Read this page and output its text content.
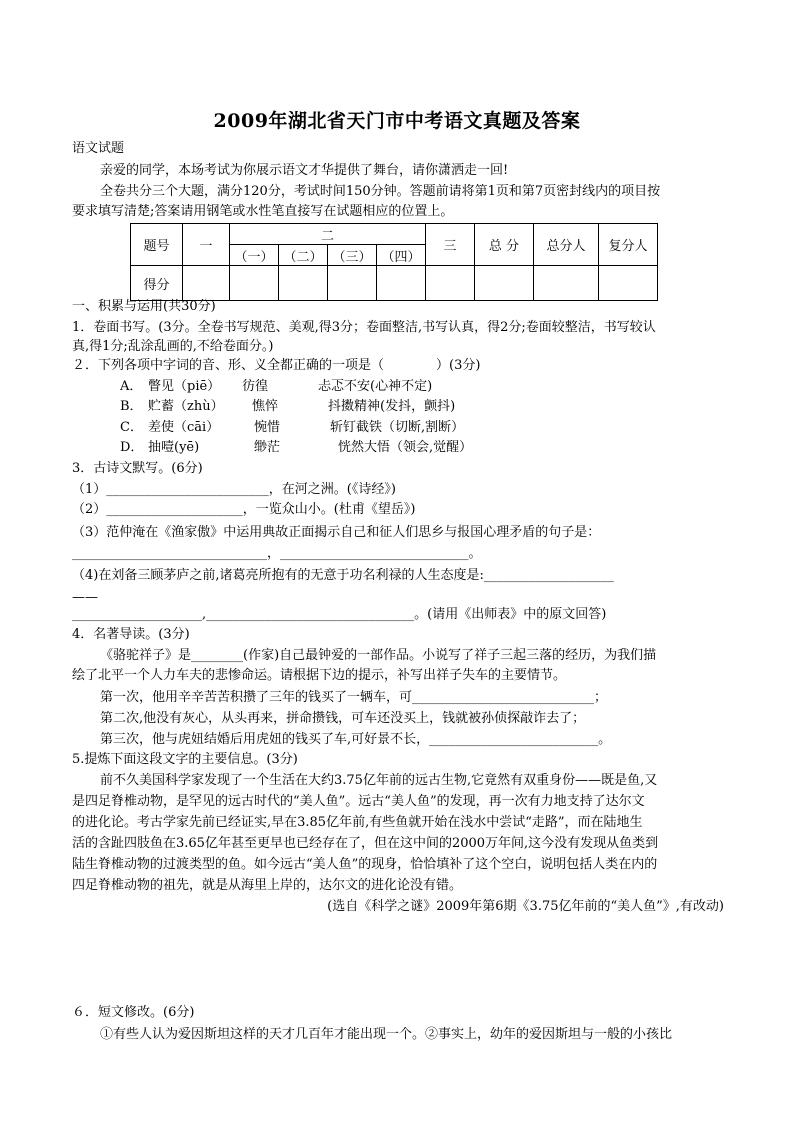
2009年湖北省天门市中考语文真题及答案
语文试题
亲爱的同学，本场考试为你展示语文才华提供了舞台，请你潇洒走一回!
全卷共分三个大题，满分120分，考试时间150分钟。答题前请将第1页和第7页密封线内的项目按
要求填写清楚;答案请用钢笔或水性笔直接写在试题相应的位置上。
题号	一	二				三	总 分	总分人	复分人
		（一）	（二）	（三）	（四）				
得分									
一、积累与运用(共30分)
1．卷面书写。(3分。全卷书写规范、美观,得3分；卷面整洁,书写认真，得2分;卷面较整洁，书写较认
真,得1分;乱涂乱画的,不给卷面分。)
２．下列各项中字词的音、形、义全都正确的一项是（　　　　）(3分)
A． 瞥见（piē） 彷徨	忐忑不安(心神不定)
B． 贮蓄（zhù） 憔悴	抖擞精神(发抖，颤抖)
C． 差使（cāi）	惋惜	斩钉截铁（切断,割断）
D． 抽噎(yē)	缈茫	恍然大悟（领会,觉醒）
3．古诗文默写。(6分)
（1）_________________________，在河之洲。(《诗经》)
（2）_____________________，一览众山小。(杜甫《望岳》)
（3）范仲淹在《渔家傲》中运用典故正面揭示自己和征人们思乡与报国心理矛盾的句子是：
______________________________，_____________________________。
（4)在刘备三顾茅庐之前,诸葛亮所抱有的无意于功名利禄的人生态度是:____________________
——
____________________,________________________________。(请用《出师表》中的原文回答)
4．名著导读。(3分)
《骆驼祥子》是________(作家)自己最钟爱的一部作品。小说写了祥子三起三落的经历，为我们描
绘了北平一个人力车夫的悲惨命运。请根据下边的提示，补写出祥子失车的主要情节。
第一次，他用辛辛苦苦积攒了三年的钱买了一辆车，可____________________________；
第二次,他没有灰心，从头再来，拼命攒钱，可车还没买上，钱就被孙侦探敲诈去了；
第三次，他与虎妞结婚后用虎妞的钱买了车,可好景不长，__________________________。
5.提炼下面这段文字的主要信息。(3分)
前不久美国科学家发现了一个生活在大约3.75亿年前的远古生物,它竟然有双重身份——既是鱼,又
是四足脊椎动物，是罕见的远古时代的“美人鱼”。远古“美人鱼”的发现，再一次有力地支持了达尔文
的进化论。考古学家先前已经证实,早在3.85亿年前,有些鱼就开始在浅水中尝试“走路”，而在陆地生
活的含趾四肢鱼在3.65亿年甚至更早也已经存在了，但在这中间的2000万年间,这今没有发现从鱼类到
陆生脊椎动物的过渡类型的鱼。如今远古“美人鱼”的现身，恰恰填补了这个空白，说明包括人类在内的
四足脊椎动物的祖先，就是从海里上岸的，达尔文的进化论没有错。
(选自《科学之谜》2009年第6期《3.75亿年前的“美人鱼”》,有改动)
６．短文修改。(6分)
①有些人认为爱因斯坦这样的天才几百年才能出现一个。②事实上，幼年的爱因斯坦与一般的小孩比
